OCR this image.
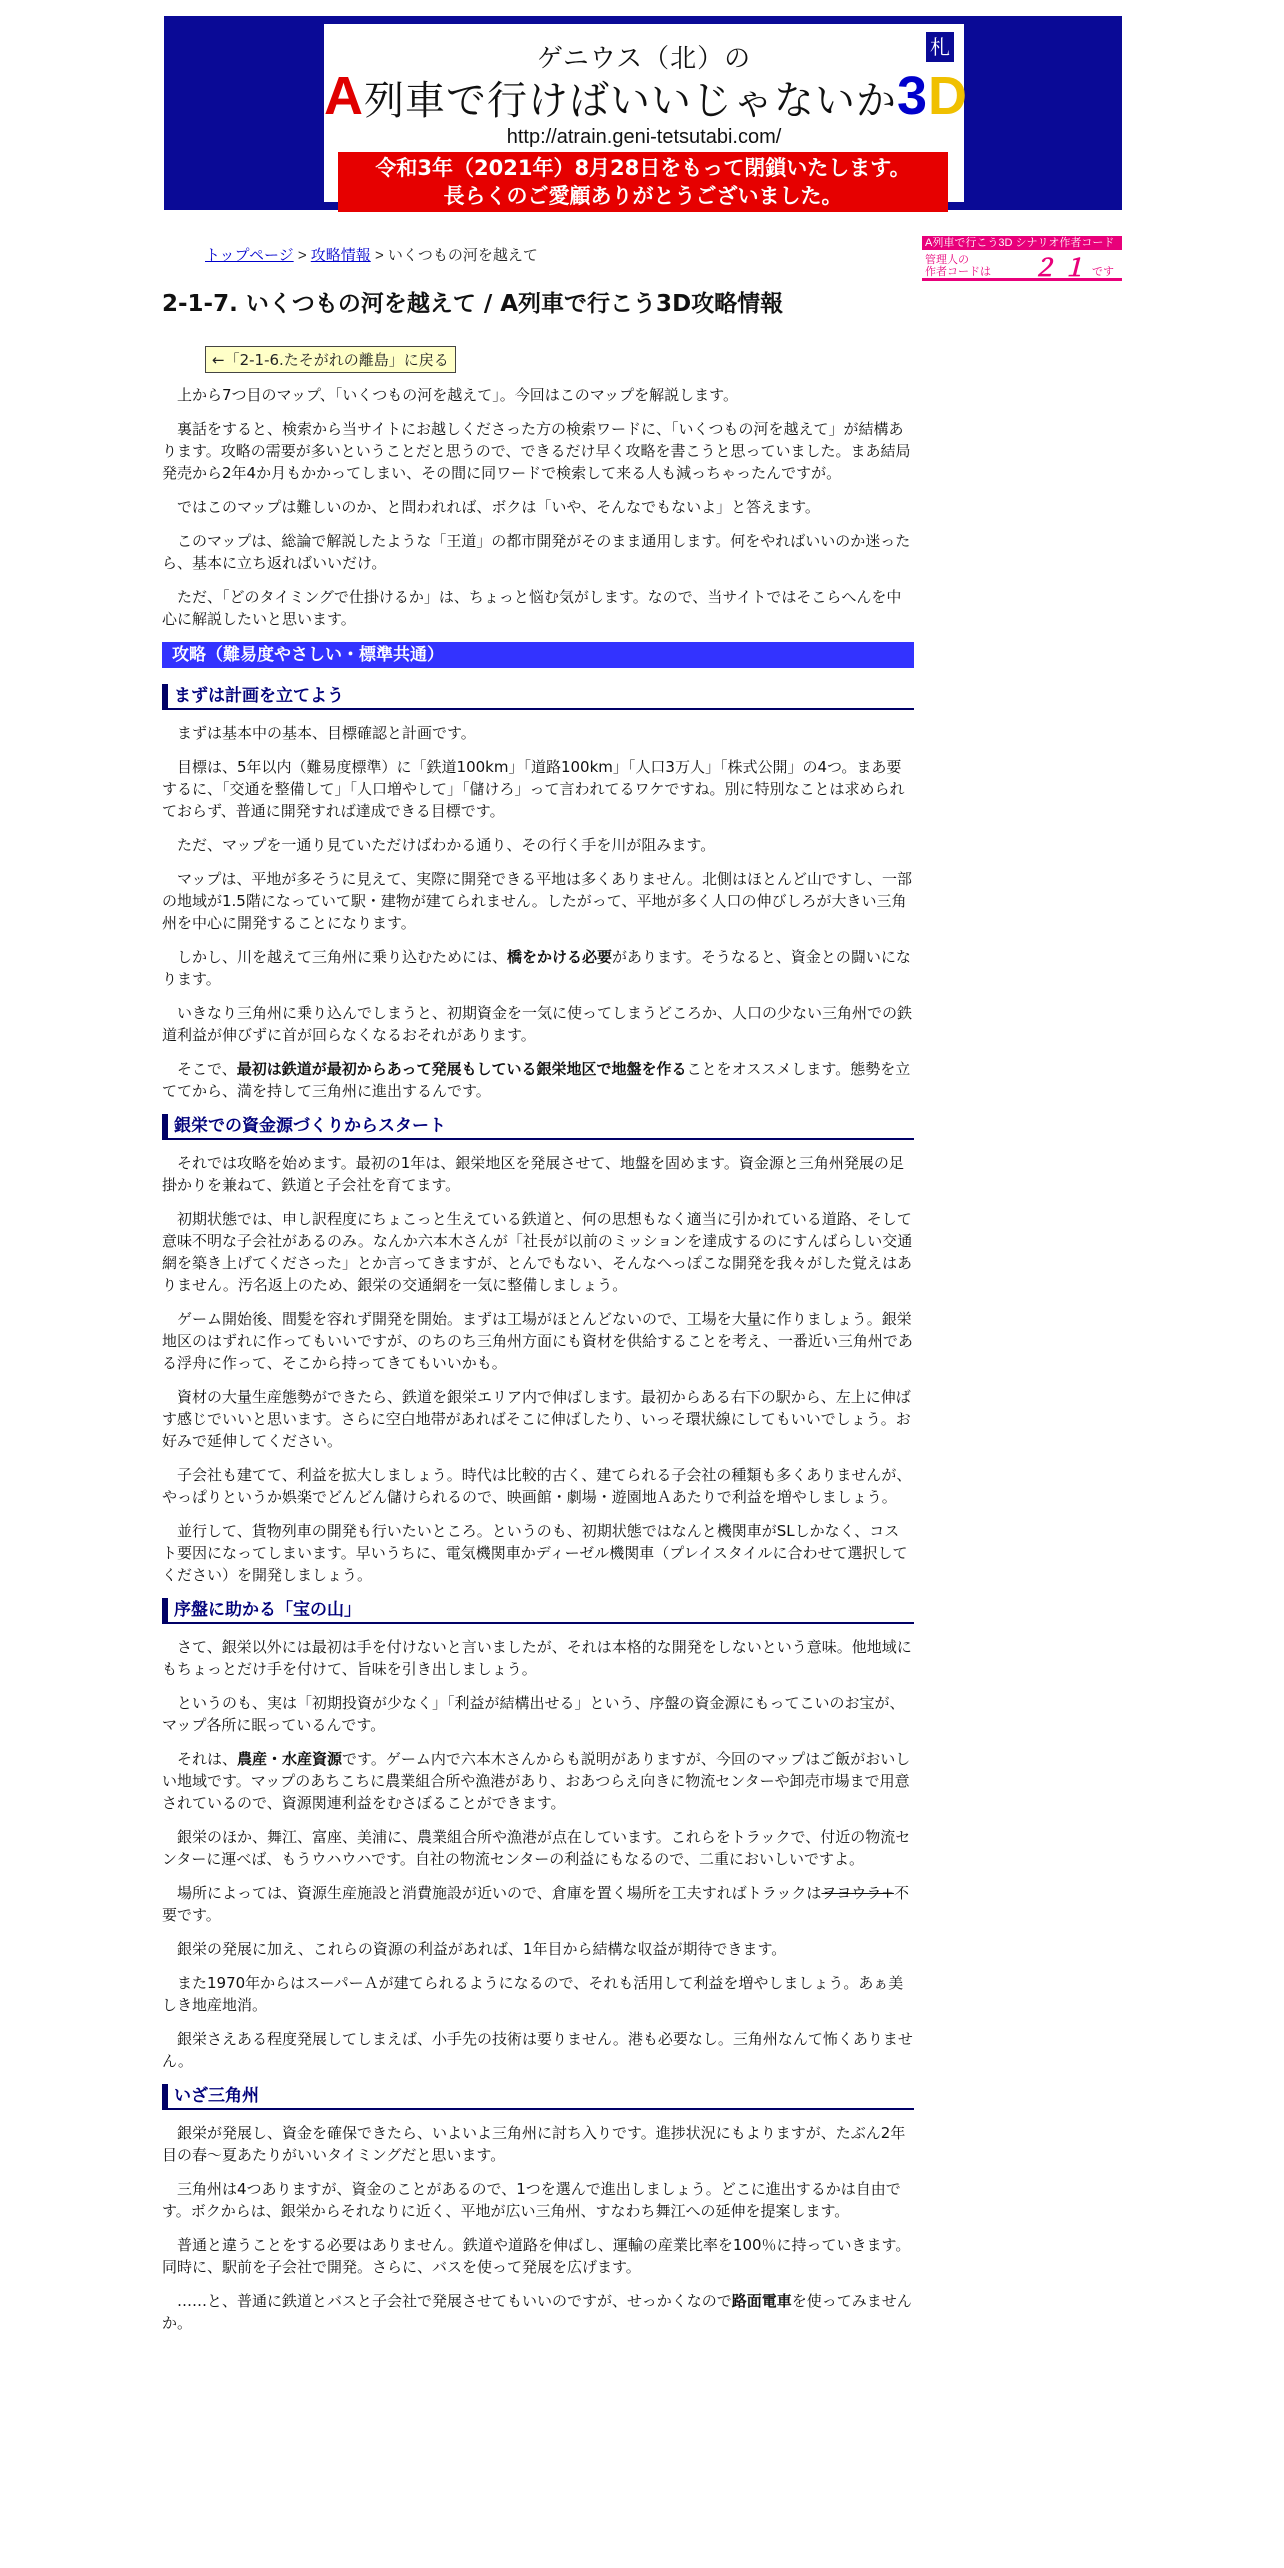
ゲニウス（北）の	札
A列車で行けばいいじゃないか3D
http://atrain.geni-tetsutabi.com/
令和3年（2021年）8月28日をもって閉鎖いたします。
長らくのご愛顧ありがとうございました。
A列車で行こう3D シナリオ作者コード
管理人の
作者コードは ２１ です
トップページ > 攻略情報 > いくつもの河を越えて
2-1-7. いくつもの河を越えて / A列車で行こう3D攻略情報
←「2-1-6.たそがれの離島」に戻る

上から7つ目のマップ、「いくつもの河を越えて」。今回はこのマップを解説します。

裏話をすると、検索から当サイトにお越しくださった方の検索ワードに、「いくつもの河を越えて」が結構あります。攻略の需要が多いということだと思うので、できるだけ早く攻略を書こうと思っていました。まあ結局発売から2年4か月もかかってしまい、その間に同ワードで検索して来る人も減っちゃったんですが。

ではこのマップは難しいのか、と問われれば、ボクは「いや、そんなでもないよ」と答えます。

このマップは、総論で解説したような「王道」の都市開発がそのまま通用します。何をやればいいのか迷ったら、基本に立ち返ればいいだけ。

ただ、「どのタイミングで仕掛けるか」は、ちょっと悩む気がします。なので、当サイトではそこらへんを中心に解説したいと思います。

攻略（難易度やさしい・標準共通）
まずは計画を立てよう

まずは基本中の基本、目標確認と計画です。

目標は、5年以内（難易度標準）に「鉄道100km」「道路100km」「人口3万人」「株式公開」の4つ。まあ要するに、「交通を整備して」「人口増やして」「儲けろ」って言われてるワケですね。別に特別なことは求められておらず、普通に開発すれば達成できる目標です。

ただ、マップを一通り見ていただけばわかる通り、その行く手を川が阻みます。

マップは、平地が多そうに見えて、実際に開発できる平地は多くありません。北側はほとんど山ですし、一部の地域が1.5階になっていて駅・建物が建てられません。したがって、平地が多く人口の伸びしろが大きい三角州を中心に開発することになります。

しかし、川を越えて三角州に乗り込むためには、橋をかける必要があります。そうなると、資金との闘いになります。

いきなり三角州に乗り込んでしまうと、初期資金を一気に使ってしまうどころか、人口の少ない三角州での鉄道利益が伸びずに首が回らなくなるおそれがあります。

そこで、最初は鉄道が最初からあって発展もしている銀栄地区で地盤を作ることをオススメします。態勢を立ててから、満を持して三角州に進出するんです。

銀栄での資金源づくりからスタート

それでは攻略を始めます。最初の1年は、銀栄地区を発展させて、地盤を固めます。資金源と三角州発展の足掛かりを兼ねて、鉄道と子会社を育てます。

初期状態では、申し訳程度にちょこっと生えている鉄道と、何の思想もなく適当に引かれている道路、そして意味不明な子会社があるのみ。なんか六本木さんが「社長が以前のミッションを達成するのにすんばらしい交通網を築き上げてくださった」とか言ってきますが、とんでもない、そんなへっぽこな開発を我々がした覚えはありません。汚名返上のため、銀栄の交通網を一気に整備しましょう。

ゲーム開始後、間髪を容れず開発を開始。まずは工場がほとんどないので、工場を大量に作りましょう。銀栄地区のはずれに作ってもいいですが、のちのち三角州方面にも資材を供給することを考え、一番近い三角州である浮舟に作って、そこから持ってきてもいいかも。

資材の大量生産態勢ができたら、鉄道を銀栄エリア内で伸ばします。最初からある右下の駅から、左上に伸ばす感じでいいと思います。さらに空白地帯があればそこに伸ばしたり、いっそ環状線にしてもいいでしょう。お好みで延伸してください。

子会社も建てて、利益を拡大しましょう。時代は比較的古く、建てられる子会社の種類も多くありませんが、やっぱりというか娯楽でどんどん儲けられるので、映画館・劇場・遊園地Ａあたりで利益を増やしましょう。

並行して、貨物列車の開発も行いたいところ。というのも、初期状態ではなんと機関車がSLしかなく、コスト要因になってしまいます。早いうちに、電気機関車かディーゼル機関車（プレイスタイルに合わせて選択してください）を開発しましょう。

序盤に助かる「宝の山」

さて、銀栄以外には最初は手を付けないと言いましたが、それは本格的な開発をしないという意味。他地域にもちょっとだけ手を付けて、旨味を引き出しましょう。

というのも、実は「初期投資が少なく」「利益が結構出せる」という、序盤の資金源にもってこいのお宝が、マップ各所に眠っているんです。

それは、農産・水産資源です。ゲーム内で六本木さんからも説明がありますが、今回のマップはご飯がおいしい地域です。マップのあちこちに農業組合所や漁港があり、おあつらえ向きに物流センターや卸売市場まで用意されているので、資源関連利益をむさぼることができます。

銀栄のほか、舞江、富座、美浦に、農業組合所や漁港が点在しています。これらをトラックで、付近の物流センターに運べば、もうウハウハです。自社の物流センターの利益にもなるので、二重においしいですよ。

場所によっては、資源生産施設と消費施設が近いので、倉庫を置く場所を工夫すればトラックはヲヨウラ+不要です。

銀栄の発展に加え、これらの資源の利益があれば、1年目から結構な収益が期待できます。

また1970年からはスーパーＡが建てられるようになるので、それも活用して利益を増やしましょう。あぁ美しき地産地消。

銀栄さえある程度発展してしまえば、小手先の技術は要りません。港も必要なし。三角州なんて怖くありません。

いざ三角州

銀栄が発展し、資金を確保できたら、いよいよ三角州に討ち入りです。進捗状況にもよりますが、たぶん2年目の春～夏あたりがいいタイミングだと思います。

三角州は4つありますが、資金のことがあるので、1つを選んで進出しましょう。どこに進出するかは自由です。ボクからは、銀栄からそれなりに近く、平地が広い三角州、すなわち舞江への延伸を提案します。

普通と違うことをする必要はありません。鉄道や道路を伸ばし、運輸の産業比率を100％に持っていきます。同時に、駅前を子会社で開発。さらに、バスを使って発展を広げます。

……と、普通に鉄道とバスと子会社で発展させてもいいのですが、せっかくなので路面電車を使ってみませんか。
